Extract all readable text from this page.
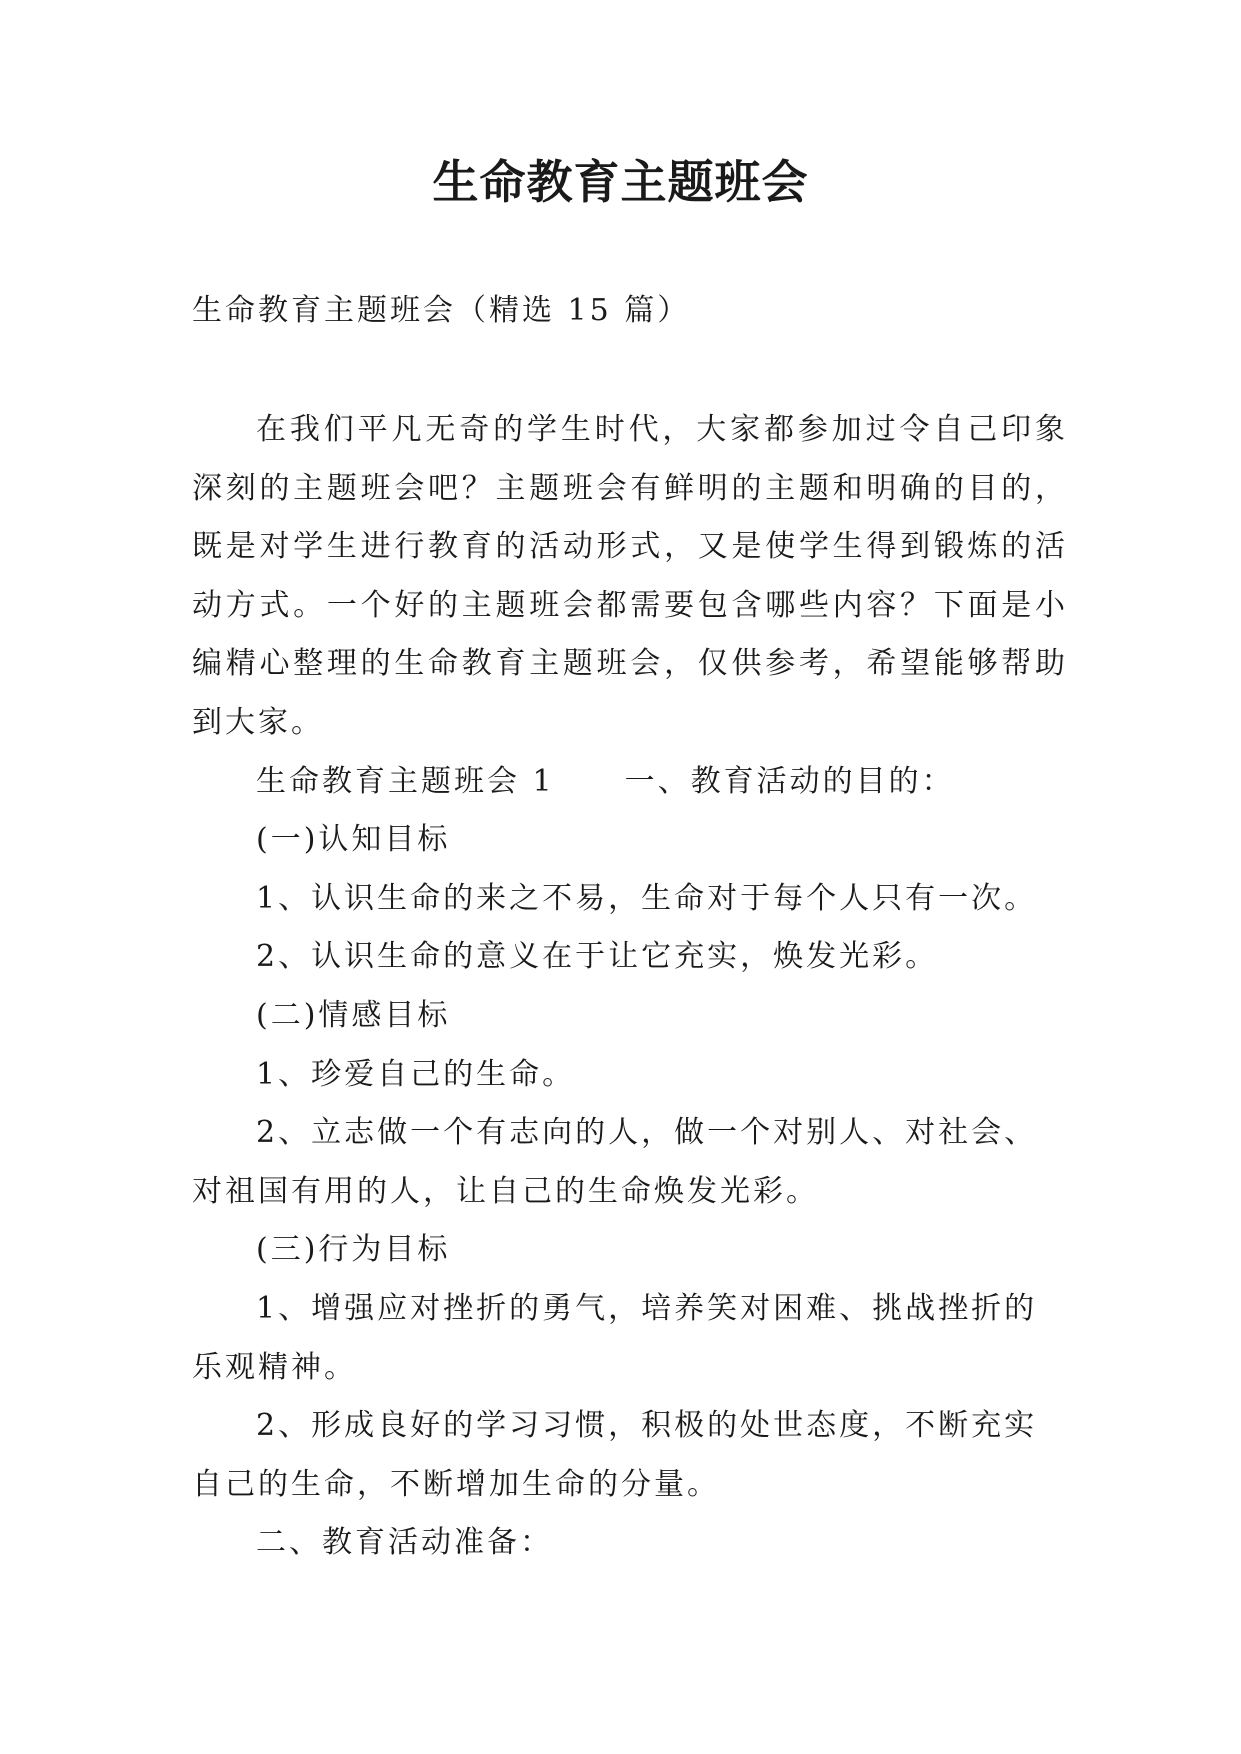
生命教育主题班会

生命教育主题班会（精选 15 篇）

在我们平凡无奇的学生时代，大家都参加过令自己印象深刻的主题班会吧？主题班会有鲜明的主题和明确的目的，既是对学生进行教育的活动形式，又是使学生得到锻炼的活动方式。一个好的主题班会都需要包含哪些内容？下面是小编精心整理的生命教育主题班会，仅供参考，希望能够帮助到大家。

生命教育主题班会 1 一、教育活动的目的：

(一)认知目标

1、认识生命的来之不易，生命对于每个人只有一次。

2、认识生命的意义在于让它充实，焕发光彩。

(二)情感目标

1、珍爱自己的生命。

2、立志做一个有志向的人，做一个对别人、对社会、对祖国有用的人，让自己的生命焕发光彩。

(三)行为目标

1、增强应对挫折的勇气，培养笑对困难、挑战挫折的乐观精神。

2、形成良好的学习习惯，积极的处世态度，不断充实自己的生命，不断增加生命的分量。

二、教育活动准备：
